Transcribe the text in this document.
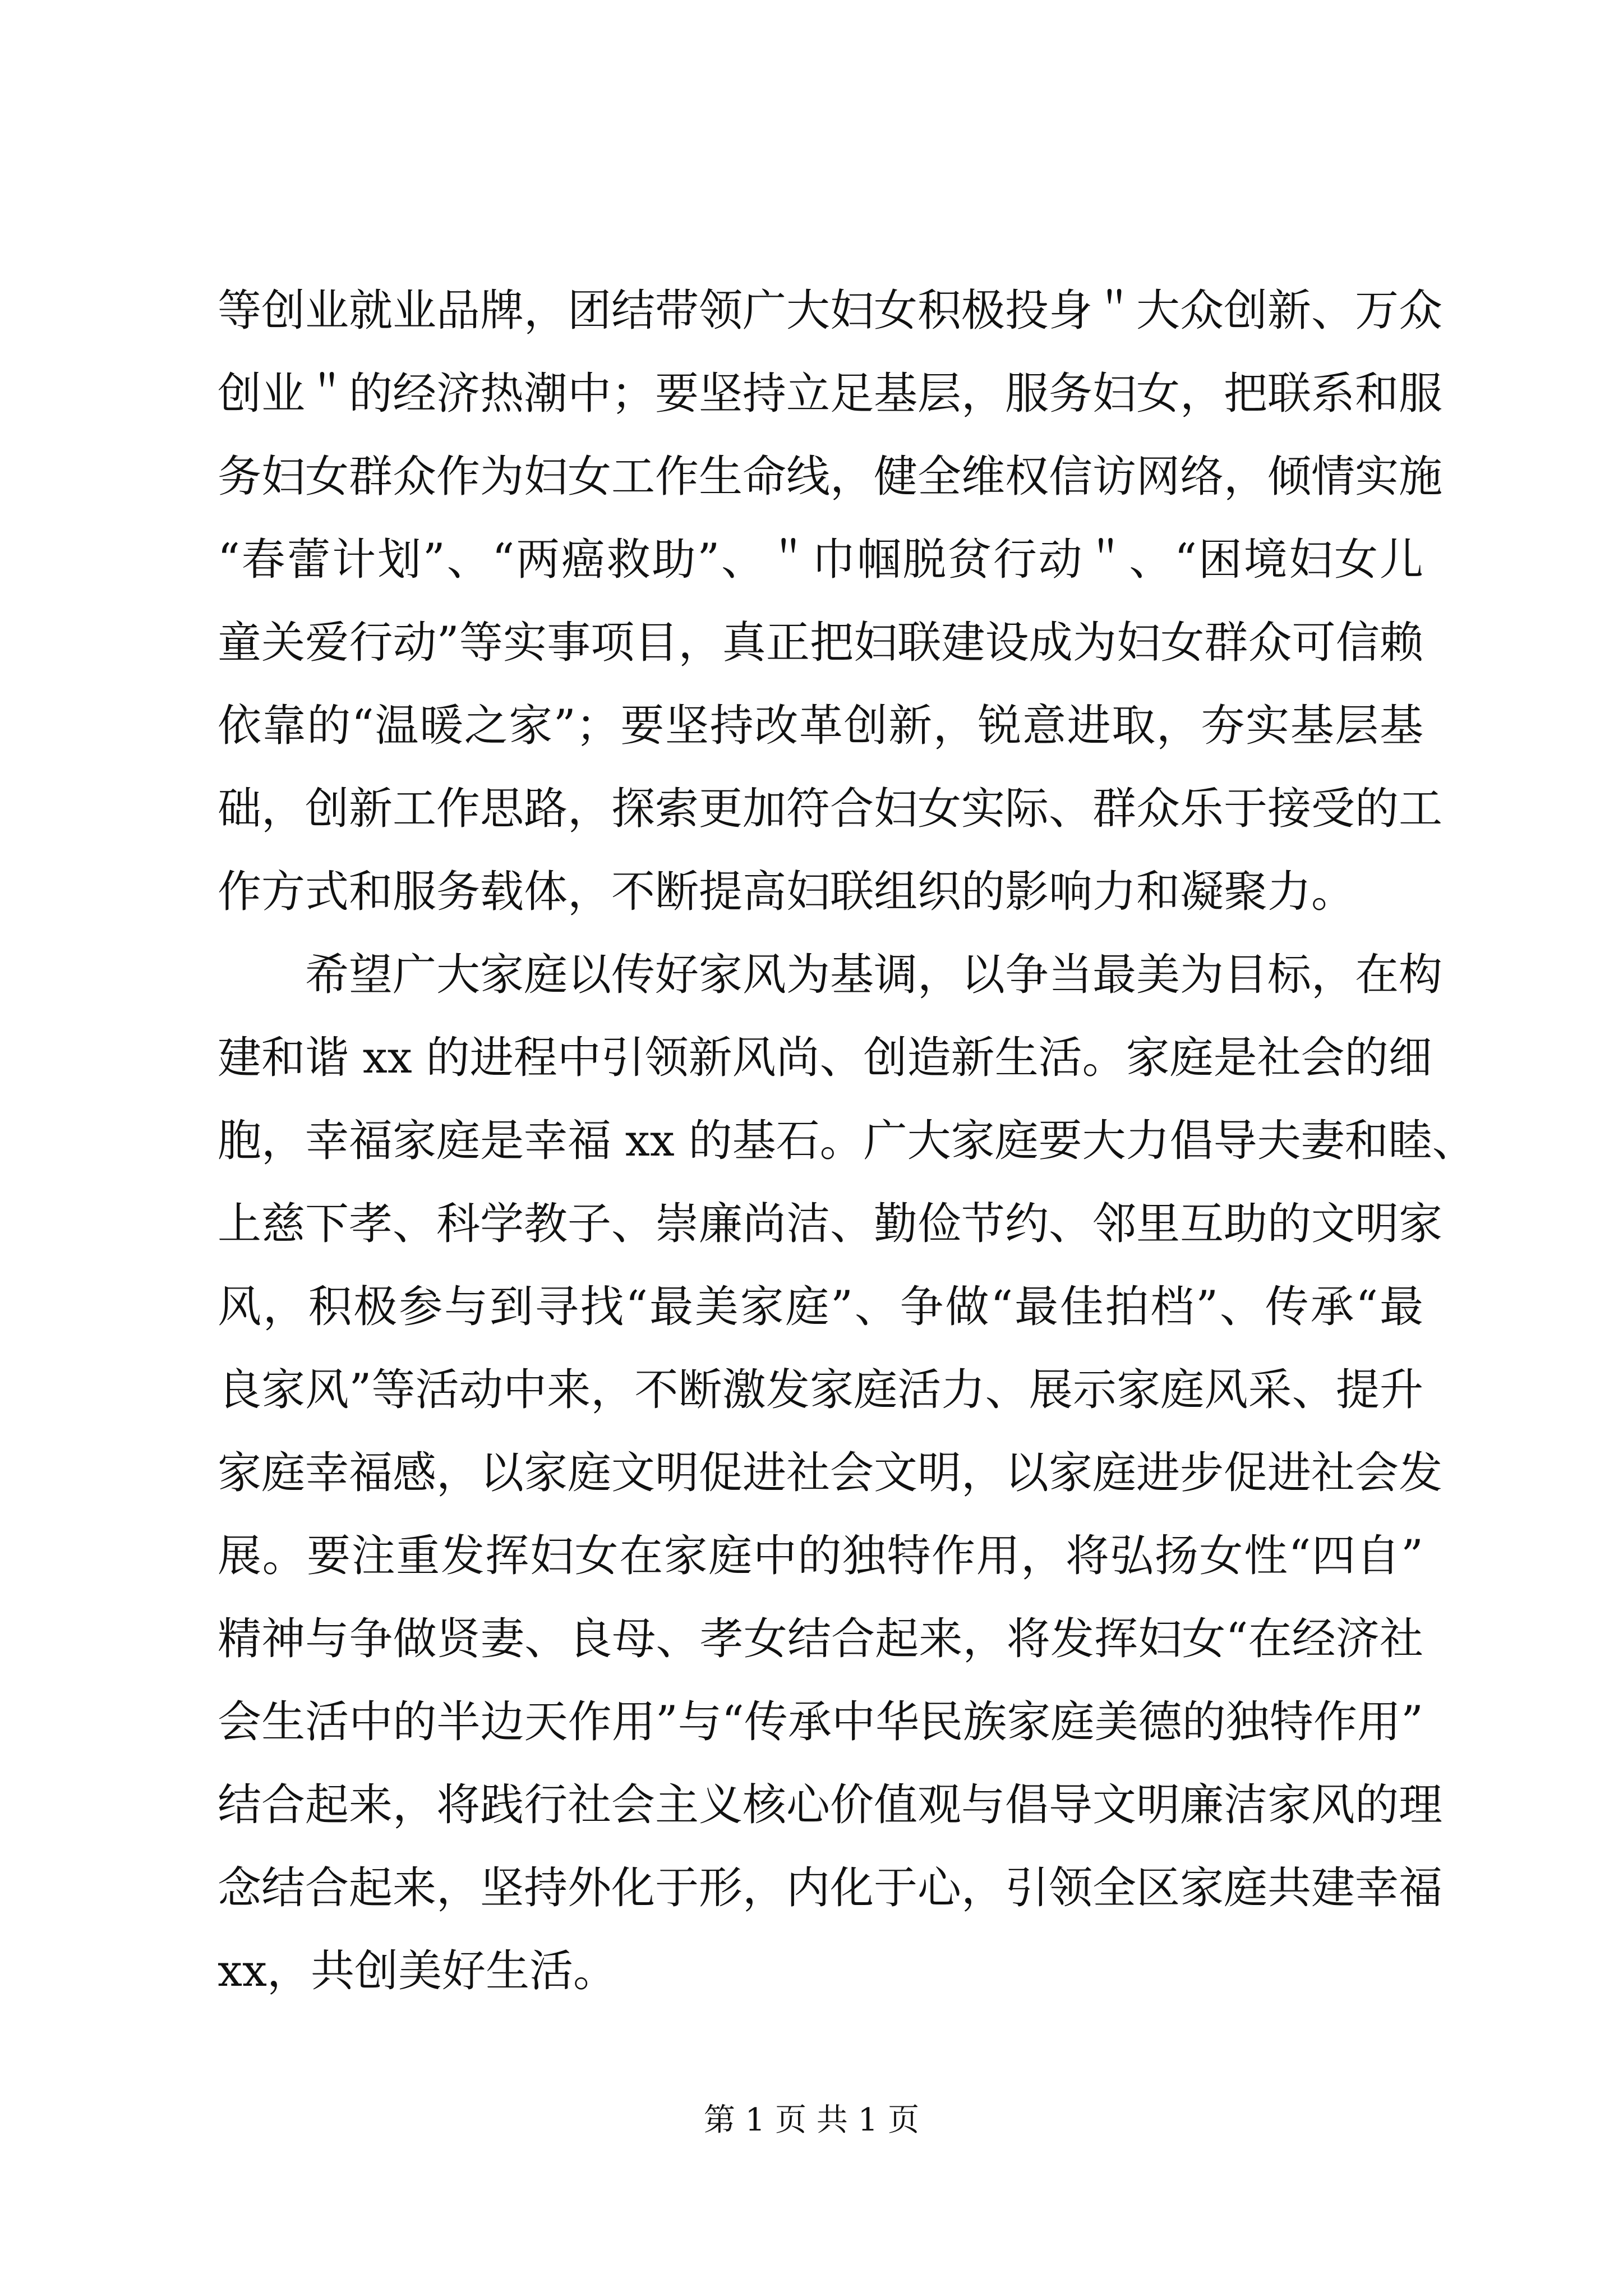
等创业就业品牌，团结带领广大妇女积极投身＂大众创新、万众
创业＂的经济热潮中；要坚持立足基层，服务妇女，把联系和服
务妇女群众作为妇女工作生命线，健全维权信访网络，倾情实施
“春蕾计划”、“两癌救助”、＂巾帼脱贫行动＂、“困境妇女儿
童关爱行动”等实事项目，真正把妇联建设成为妇女群众可信赖
依靠的“温暖之家”；要坚持改革创新，锐意进取，夯实基层基
础，创新工作思路，探索更加符合妇女实际、群众乐于接受的工
作方式和服务载体，不断提高妇联组织的影响力和凝聚力。
希望广大家庭以传好家风为基调，以争当最美为目标，在构
建和谐 xx 的进程中引领新风尚、创造新生活。家庭是社会的细
胞，幸福家庭是幸福 xx 的基石。广大家庭要大力倡导夫妻和睦、
上慈下孝、科学教子、崇廉尚洁、勤俭节约、邻里互助的文明家
风，积极参与到寻找“最美家庭”、争做“最佳拍档”、传承“最
良家风”等活动中来，不断激发家庭活力、展示家庭风采、提升
家庭幸福感，以家庭文明促进社会文明，以家庭进步促进社会发
展。要注重发挥妇女在家庭中的独特作用，将弘扬女性“四自”
精神与争做贤妻、良母、孝女结合起来，将发挥妇女“在经济社
会生活中的半边天作用”与“传承中华民族家庭美德的独特作用”
结合起来，将践行社会主义核心价值观与倡导文明廉洁家风的理
念结合起来，坚持外化于形，内化于心，引领全区家庭共建幸福
xx，共创美好生活。
第 1 页 共 1 页
